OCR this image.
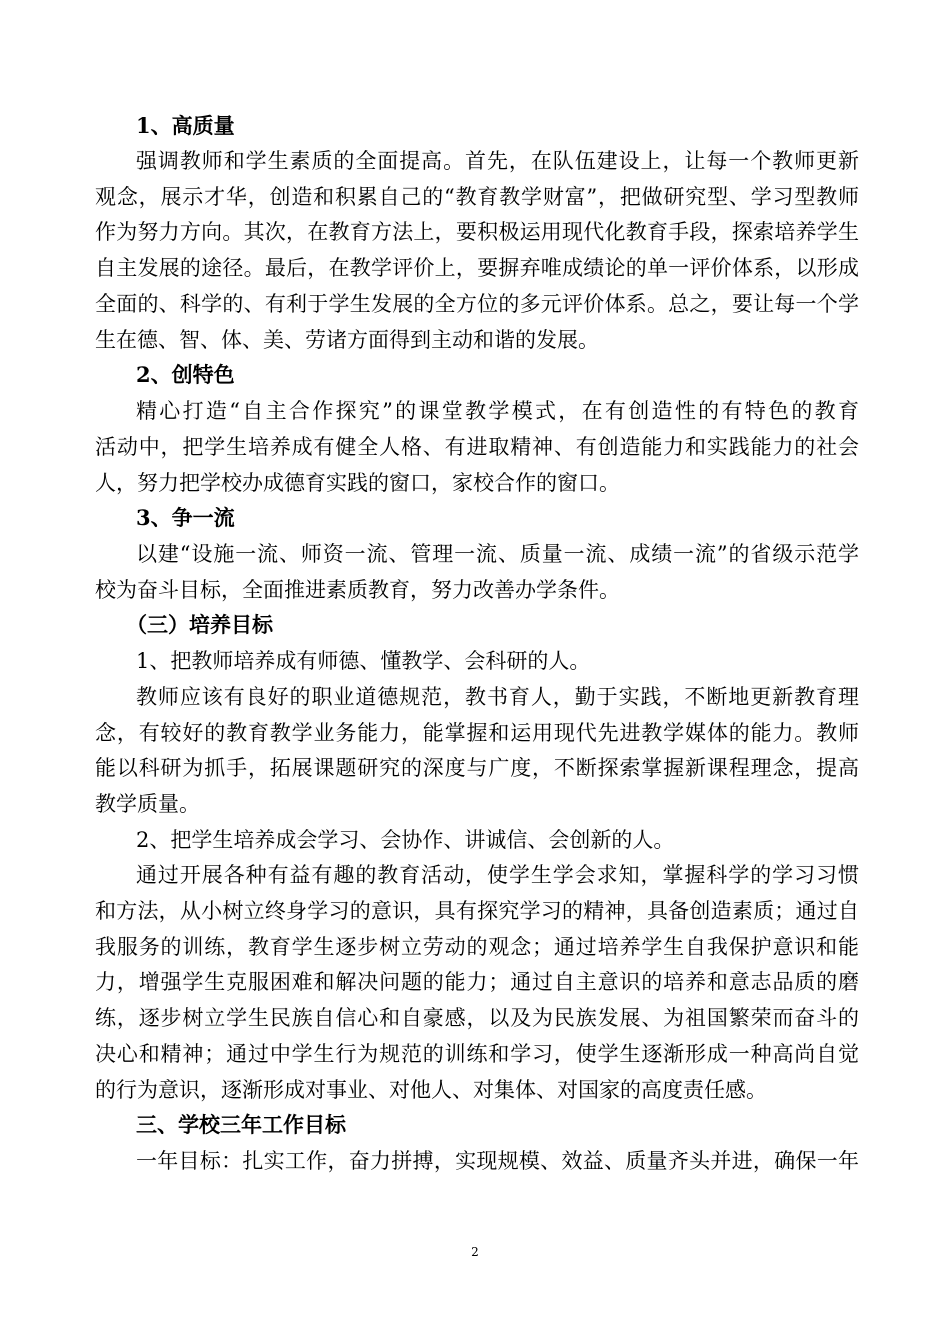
1、高质量
强调教师和学生素质的全面提高。首先，在队伍建设上，让每一个教师更新
观念，展示才华，创造和积累自己的“教育教学财富”，把做研究型、学习型教师
作为努力方向。其次，在教育方法上，要积极运用现代化教育手段，探索培养学生
自主发展的途径。最后，在教学评价上，要摒弃唯成绩论的单一评价体系，以形成
全面的、科学的、有利于学生发展的全方位的多元评价体系。总之，要让每一个学
生在德、智、体、美、劳诸方面得到主动和谐的发展。
2、创特色
精心打造“自主合作探究”的课堂教学模式，在有创造性的有特色的教育
活动中，把学生培养成有健全人格、有进取精神、有创造能力和实践能力的社会
人，努力把学校办成德育实践的窗口，家校合作的窗口。
3、争一流
以建“设施一流、师资一流、管理一流、质量一流、成绩一流”的省级示范学
校为奋斗目标，全面推进素质教育，努力改善办学条件。
（三）培养目标
1、把教师培养成有师德、懂教学、会科研的人。
教师应该有良好的职业道德规范，教书育人，勤于实践，不断地更新教育理
念，有较好的教育教学业务能力，能掌握和运用现代先进教学媒体的能力。教师
能以科研为抓手，拓展课题研究的深度与广度，不断探索掌握新课程理念，提高
教学质量。
2、把学生培养成会学习、会协作、讲诚信、会创新的人。
通过开展各种有益有趣的教育活动，使学生学会求知，掌握科学的学习习惯
和方法，从小树立终身学习的意识，具有探究学习的精神，具备创造素质；通过自
我服务的训练，教育学生逐步树立劳动的观念；通过培养学生自我保护意识和能
力，增强学生克服困难和解决问题的能力；通过自主意识的培养和意志品质的磨
练，逐步树立学生民族自信心和自豪感，以及为民族发展、为祖国繁荣而奋斗的
决心和精神；通过中学生行为规范的训练和学习，使学生逐渐形成一种高尚自觉
的行为意识，逐渐形成对事业、对他人、对集体、对国家的高度责任感。
三、学校三年工作目标
一年目标：扎实工作，奋力拼搏，实现规模、效益、质量齐头并进，确保一年
2
